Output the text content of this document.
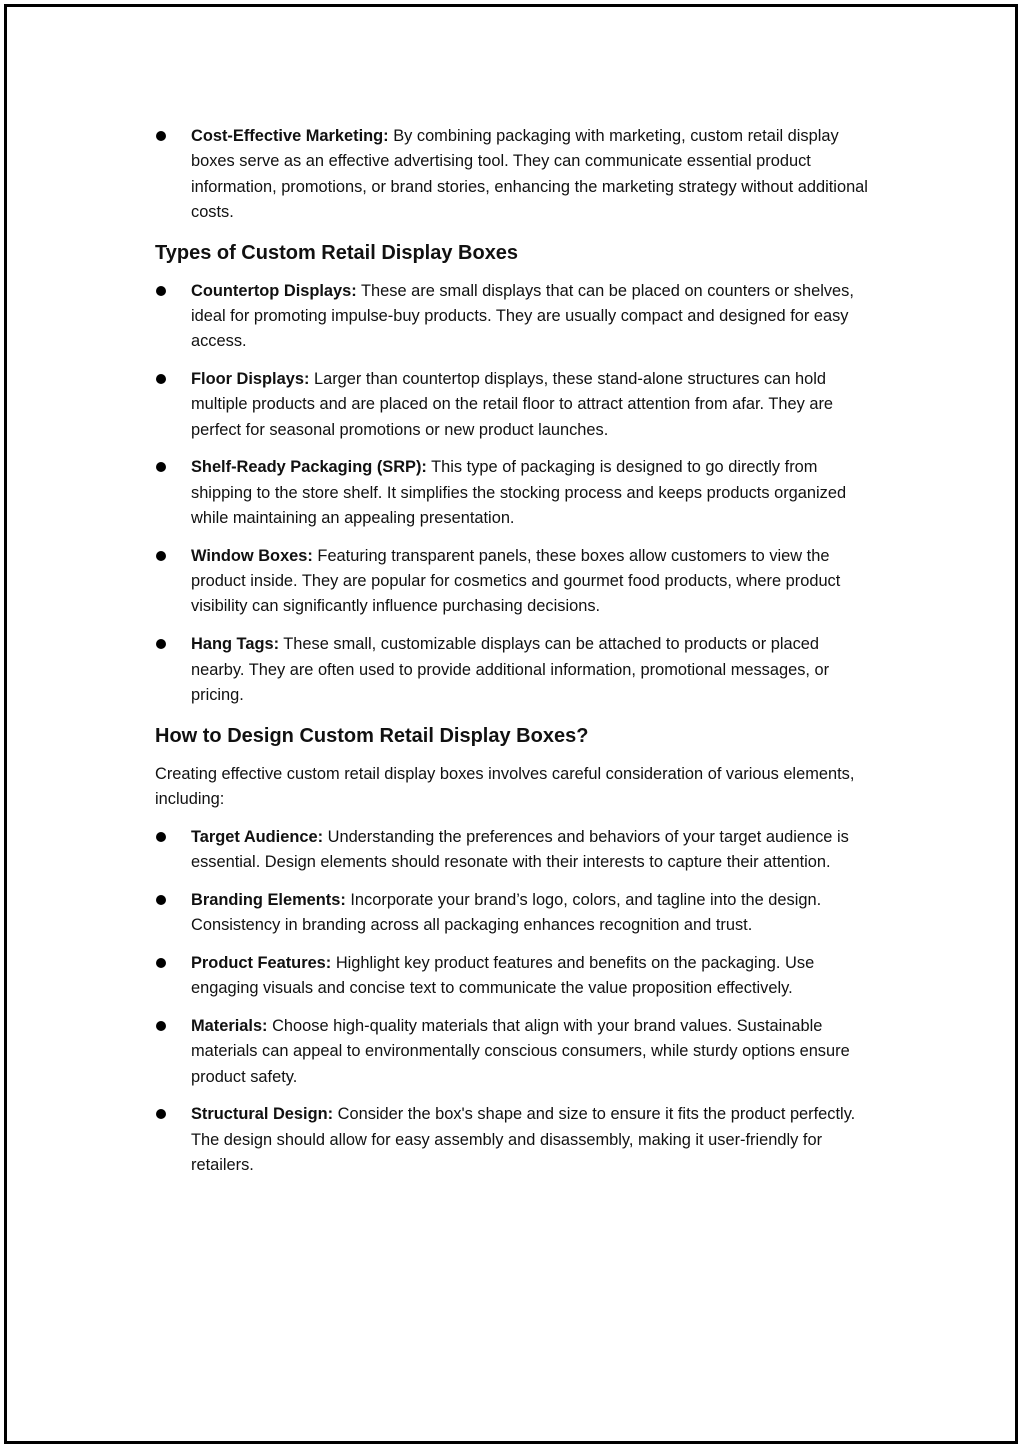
Cost-Effective Marketing: By combining packaging with marketing, custom retail display boxes serve as an effective advertising tool. They can communicate essential product information, promotions, or brand stories, enhancing the marketing strategy without additional costs.
Types of Custom Retail Display Boxes
Countertop Displays: These are small displays that can be placed on counters or shelves, ideal for promoting impulse-buy products. They are usually compact and designed for easy access.
Floor Displays: Larger than countertop displays, these stand-alone structures can hold multiple products and are placed on the retail floor to attract attention from afar. They are perfect for seasonal promotions or new product launches.
Shelf-Ready Packaging (SRP): This type of packaging is designed to go directly from shipping to the store shelf. It simplifies the stocking process and keeps products organized while maintaining an appealing presentation.
Window Boxes: Featuring transparent panels, these boxes allow customers to view the product inside. They are popular for cosmetics and gourmet food products, where product visibility can significantly influence purchasing decisions.
Hang Tags: These small, customizable displays can be attached to products or placed nearby. They are often used to provide additional information, promotional messages, or pricing.
How to Design Custom Retail Display Boxes?

Creating effective custom retail display boxes involves careful consideration of various elements, including:

Target Audience: Understanding the preferences and behaviors of your target audience is essential. Design elements should resonate with their interests to capture their attention.
Branding Elements: Incorporate your brand’s logo, colors, and tagline into the design. Consistency in branding across all packaging enhances recognition and trust.
Product Features: Highlight key product features and benefits on the packaging. Use engaging visuals and concise text to communicate the value proposition effectively.
Materials: Choose high-quality materials that align with your brand values. Sustainable materials can appeal to environmentally conscious consumers, while sturdy options ensure product safety.
Structural Design: Consider the box's shape and size to ensure it fits the product perfectly. The design should allow for easy assembly and disassembly, making it user-friendly for retailers.
